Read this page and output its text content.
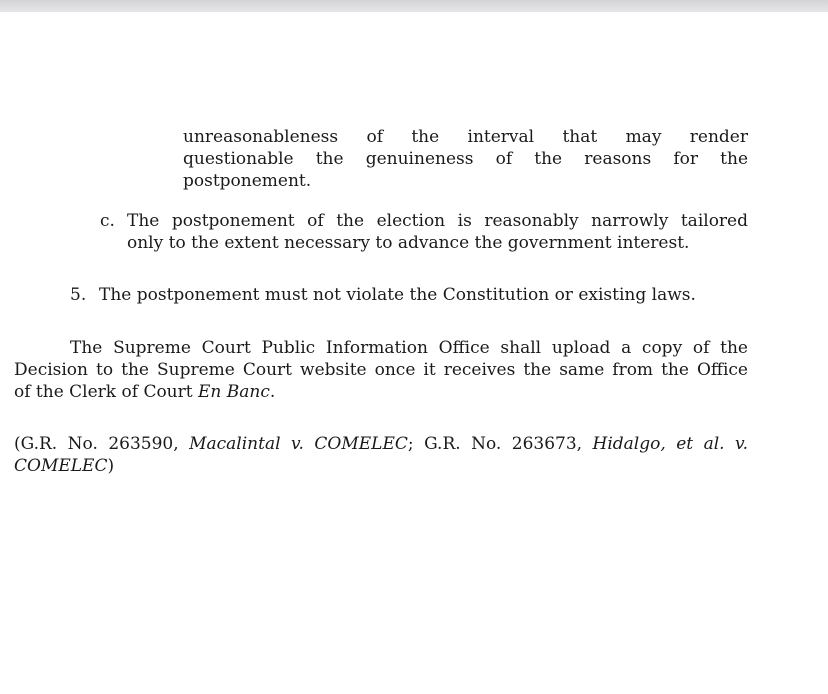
unreasonableness of the interval that may render
questionable the genuineness of the reasons for the
postponement.
c. The postponement of the election is reasonably narrowly tailored
only to the extent necessary to advance the government interest.
5. The postponement must not violate the Constitution or existing laws.
The Supreme Court Public Information Office shall upload a copy of the
Decision to the Supreme Court website once it receives the same from the Office
of the Clerk of Court En Banc.
(G.R. No. 263590, Macalintal v. COMELEC; G.R. No. 263673, Hidalgo, et al. v.
COMELEC)
